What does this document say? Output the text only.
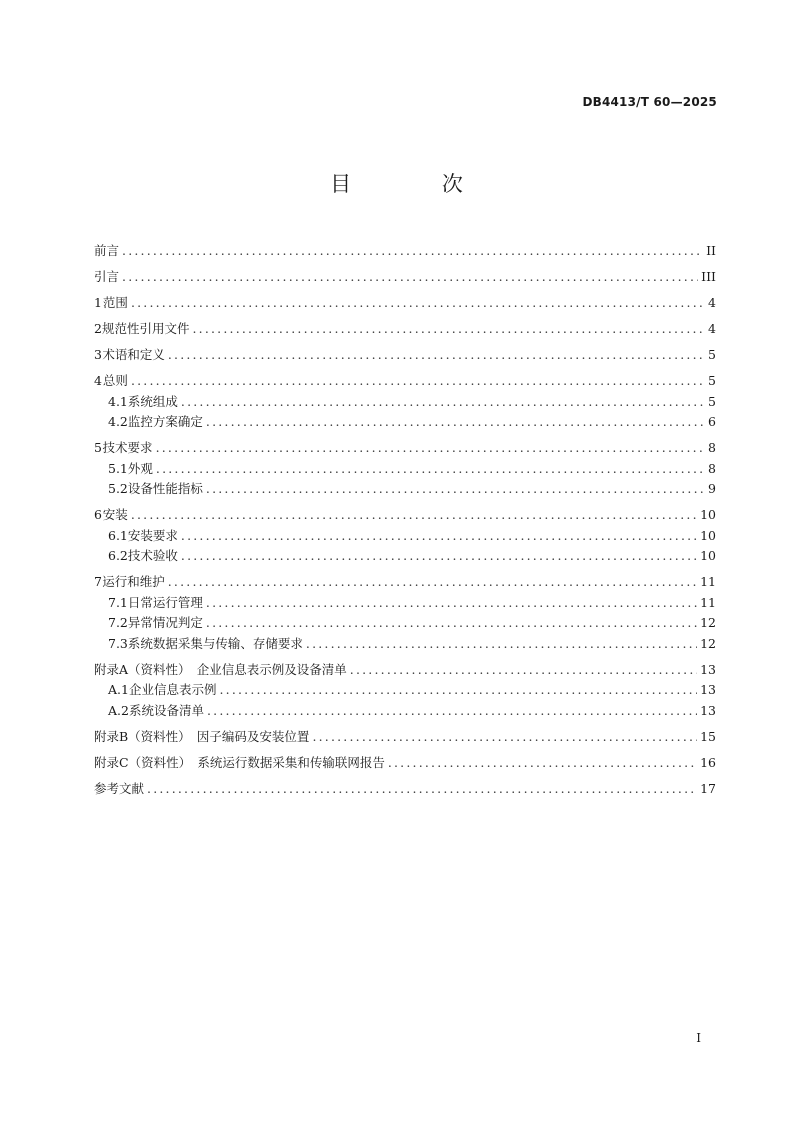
DB4413/T 60—2025
目 次
前言 .....	II
引言 .....	III
1 范围 .....	4
2 规范性引用文件 .....	4
3 术语和定义 .....	5
4 总则 .....	5
4.1 系统组成 .....	5
4.2 监控方案确定 .....	6
5 技术要求 .....	8
5.1 外观 .....	8
5.2 设备性能指标 .....	9
6 安装 .....	10
6.1 安装要求 .....	10
6.2 技术验收 .....	10
7 运行和维护 .....	11
7.1 日常运行管理 .....	11
7.2 异常情况判定 .....	12
7.3 系统数据采集与传输、存储要求 .....	12
附录A（资料性）　企业信息表示例及设备清单 .....	13
A.1 企业信息表示例 .....	13
A.2 系统设备清单 .....	13
附录B（资料性）　因子编码及安装位置 .....	15
附录C（资料性）　系统运行数据采集和传输联网报告 .....	16
参考文献 .....	17
I
